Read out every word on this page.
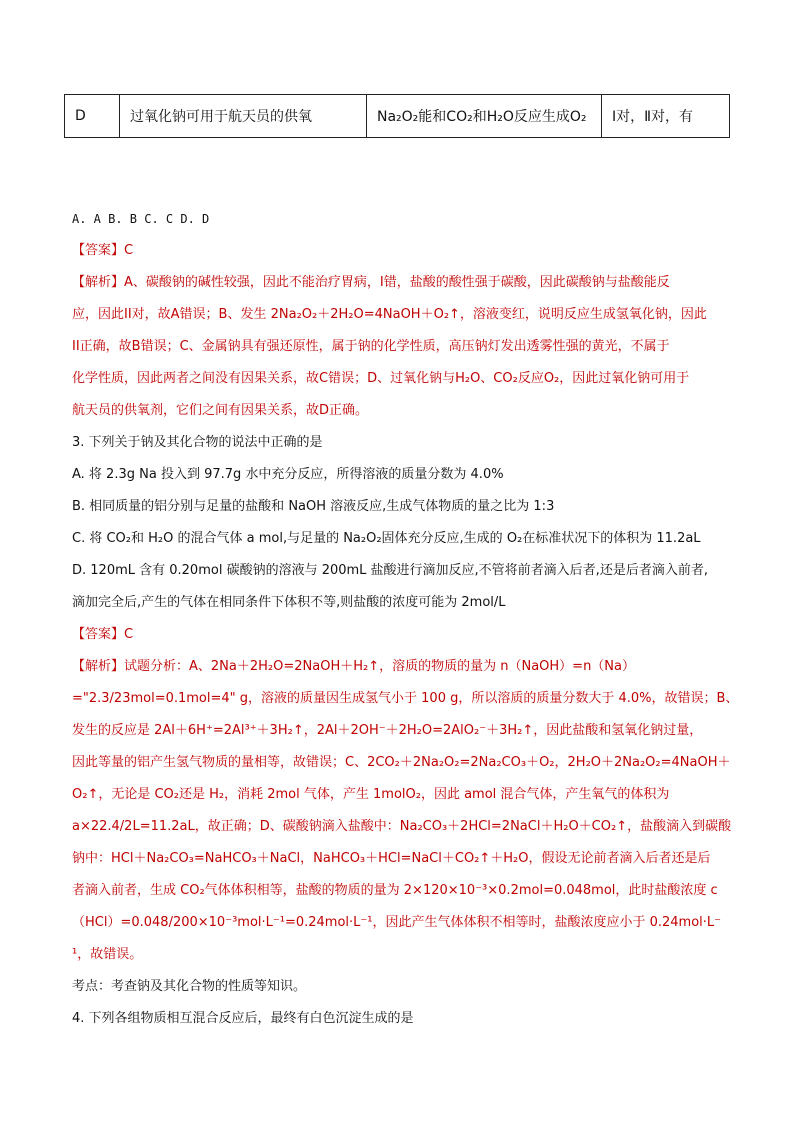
D	过氧化钠可用于航天员的供氧	Na₂O₂能和CO₂和H₂O反应生成O₂	Ⅰ对，Ⅱ对，有
A. A B. B C. C D. D
【答案】C
【解析】A、碳酸钠的碱性较强，因此不能治疗胃病，I错，盐酸的酸性强于碳酸，因此碳酸钠与盐酸能反
应，因此II对，故A错误；B、发生 2Na₂O₂＋2H₂O=4NaOH＋O₂↑，溶液变红，说明反应生成氢氧化钠，因此
II正确，故B错误；C、金属钠具有强还原性，属于钠的化学性质，高压钠灯发出透雾性强的黄光，不属于
化学性质，因此两者之间没有因果关系，故C错误；D、过氧化钠与H₂O、CO₂反应O₂，因此过氧化钠可用于
航天员的供氧剂，它们之间有因果关系，故D正确。
3. 下列关于钠及其化合物的说法中正确的是
A. 将 2.3g Na 投入到 97.7g 水中充分反应，所得溶液的质量分数为 4.0%
B. 相同质量的铝分别与足量的盐酸和 NaOH 溶液反应,生成气体物质的量之比为 1:3
C. 将 CO₂和 H₂O 的混合气体 a mol,与足量的 Na₂O₂固体充分反应,生成的 O₂在标准状况下的体积为 11.2aL
D. 120mL 含有 0.20mol 碳酸钠的溶液与 200mL 盐酸进行滴加反应,不管将前者滴入后者,还是后者滴入前者,
滴加完全后,产生的气体在相同条件下体积不等,则盐酸的浓度可能为 2mol/L
【答案】C
【解析】试题分析：A、2Na＋2H₂O=2NaOH＋H₂↑，溶质的物质的量为 n（NaOH）=n（Na）
="2.3/23mol=0.1mol=4" g，溶液的质量因生成氢气小于 100 g，所以溶质的质量分数大于 4.0%，故错误；B、
发生的反应是 2Al＋6H⁺=2Al³⁺＋3H₂↑，2Al＋2OH⁻＋2H₂O=2AlO₂⁻＋3H₂↑，因此盐酸和氢氧化钠过量，
因此等量的铝产生氢气物质的量相等，故错误；C、2CO₂＋2Na₂O₂=2Na₂CO₃＋O₂，2H₂O＋2Na₂O₂=4NaOH＋
O₂↑，无论是 CO₂还是 H₂，消耗 2mol 气体，产生 1molO₂，因此 amol 混合气体，产生氧气的体积为
a×22.4/2L=11.2aL，故正确；D、碳酸钠滴入盐酸中：Na₂CO₃＋2HCl=2NaCl＋H₂O＋CO₂↑，盐酸滴入到碳酸
钠中：HCl＋Na₂CO₃=NaHCO₃＋NaCl，NaHCO₃＋HCl=NaCl＋CO₂↑＋H₂O，假设无论前者滴入后者还是后
者滴入前者，生成 CO₂气体体积相等，盐酸的物质的量为 2×120×10⁻³×0.2mol=0.048mol，此时盐酸浓度 c
（HCl）=0.048/200×10⁻³mol·L⁻¹=0.24mol·L⁻¹，因此产生气体体积不相等时，盐酸浓度应小于 0.24mol·L⁻
¹，故错误。
考点：考查钠及其化合物的性质等知识。
4. 下列各组物质相互混合反应后，最终有白色沉淀生成的是
